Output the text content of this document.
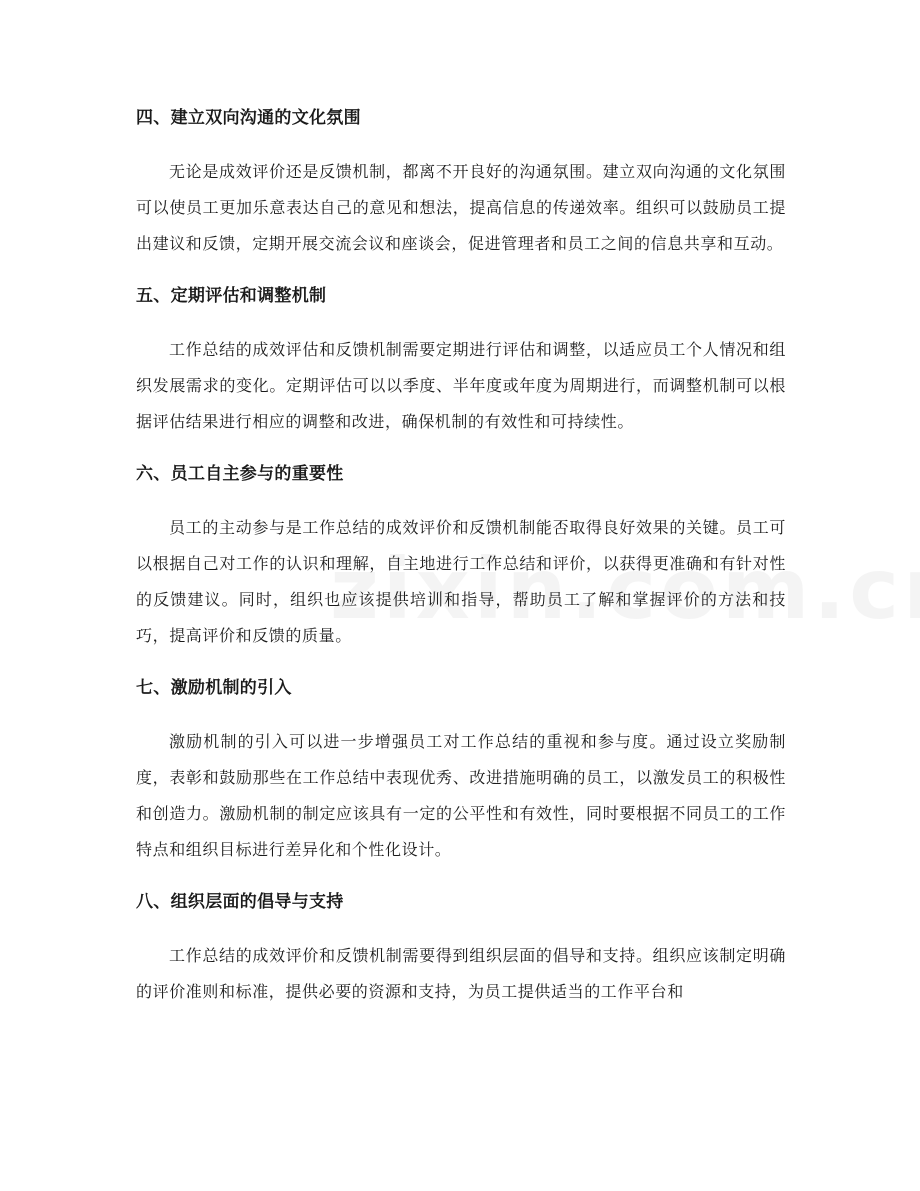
四、建立双向沟通的文化氛围

无论是成效评价还是反馈机制，都离不开良好的沟通氛围。建立双向沟通的文化氛围可以使员工更加乐意表达自己的意见和想法，提高信息的传递效率。组织可以鼓励员工提出建议和反馈，定期开展交流会议和座谈会，促进管理者和员工之间的信息共享和互动。

五、定期评估和调整机制

工作总结的成效评估和反馈机制需要定期进行评估和调整，以适应员工个人情况和组织发展需求的变化。定期评估可以以季度、半年度或年度为周期进行，而调整机制可以根据评估结果进行相应的调整和改进，确保机制的有效性和可持续性。

六、员工自主参与的重要性

员工的主动参与是工作总结的成效评价和反馈机制能否取得良好效果的关键。员工可以根据自己对工作的认识和理解，自主地进行工作总结和评价，以获得更准确和有针对性的反馈建议。同时，组织也应该提供培训和指导，帮助员工了解和掌握评价的方法和技巧，提高评价和反馈的质量。

七、激励机制的引入

激励机制的引入可以进一步增强员工对工作总结的重视和参与度。通过设立奖励制度，表彰和鼓励那些在工作总结中表现优秀、改进措施明确的员工，以激发员工的积极性和创造力。激励机制的制定应该具有一定的公平性和有效性，同时要根据不同员工的工作特点和组织目标进行差异化和个性化设计。

八、组织层面的倡导与支持

工作总结的成效评价和反馈机制需要得到组织层面的倡导和支持。组织应该制定明确的评价准则和标准，提供必要的资源和支持，为员工提供适当的工作平台和
